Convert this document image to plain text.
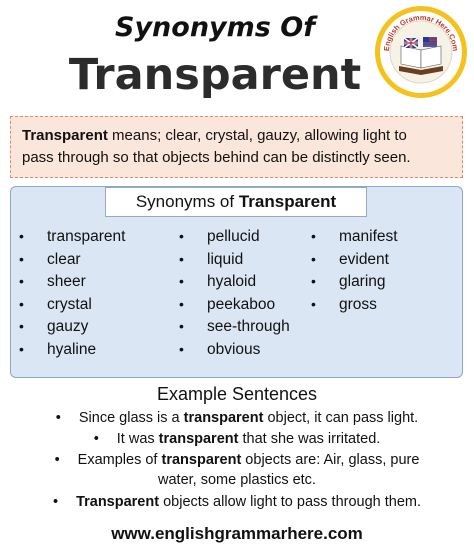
Synonyms Of
Transparent
English Grammar Here.Com
Transparent means; clear, crystal, gauzy, allowing light to
pass through so that objects behind can be distinctly seen.
Synonyms of Transparent
• transparent
• clear
• sheer
• crystal
• gauzy
• hyaline
• pellucid
• liquid
• hyaloid
• peekaboo
• see-through
• obvious
• manifest
• evident
• glaring
• gross
Example Sentences
• Since glass is a transparent object, it can pass light.
• It was transparent that she was irritated.
• Examples of transparent objects are: Air, glass, pure
water, some plastics etc.
• Transparent objects allow light to pass through them.
www.englishgrammarhere.com
